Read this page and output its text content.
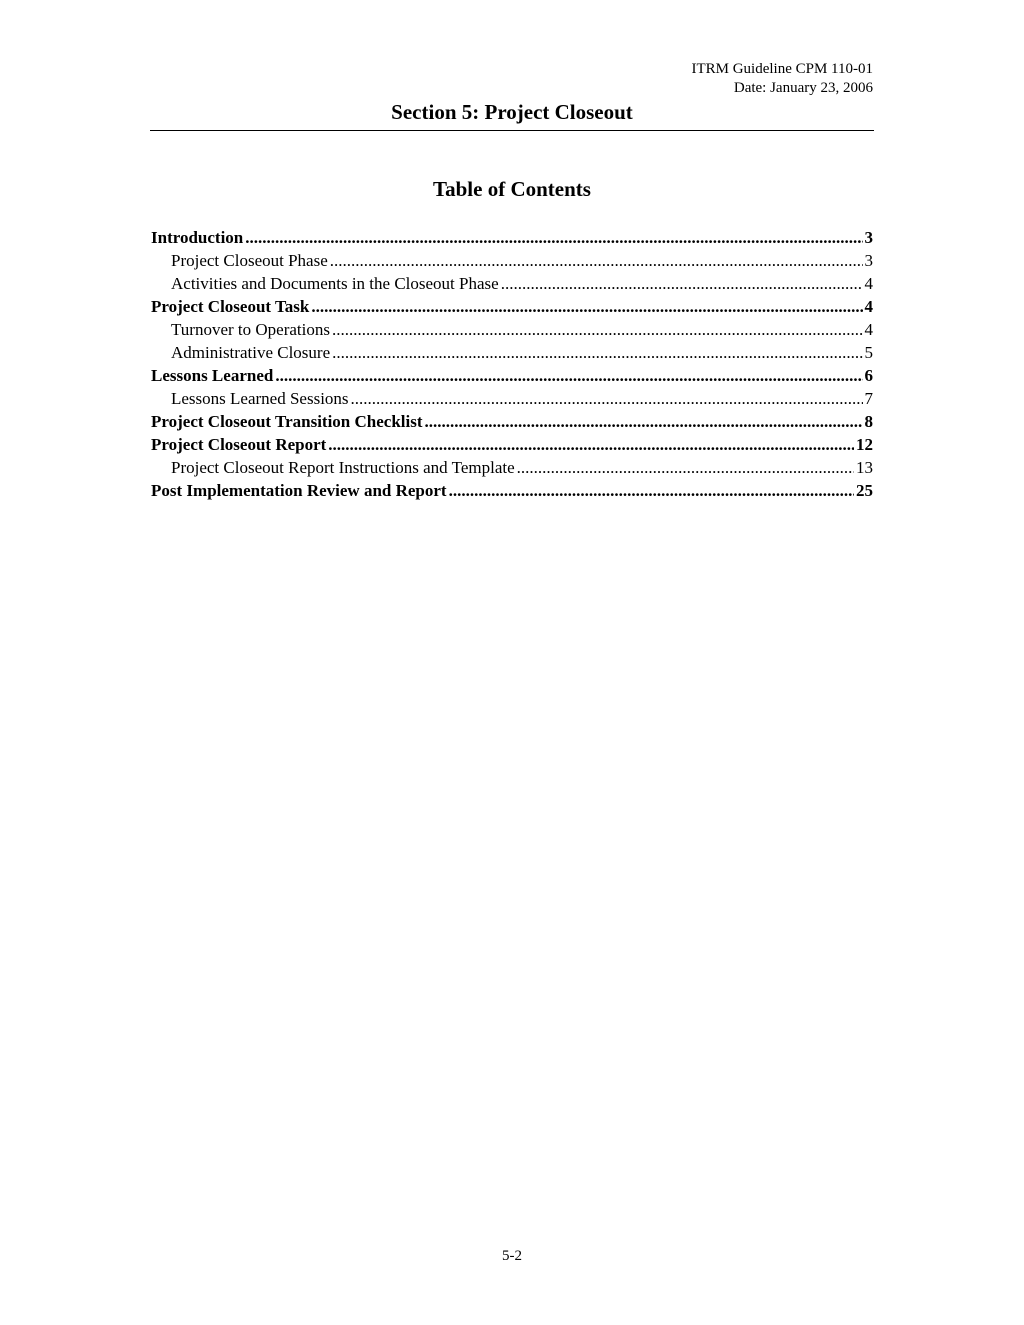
ITRM Guideline CPM 110-01
Date: January 23, 2006
Section 5: Project Closeout
Table of Contents
Introduction .....	3
Project Closeout Phase .....	3
Activities and Documents in the Closeout Phase .....	4
Project Closeout Task .....	4
Turnover to Operations .....	4
Administrative Closure .....	5
Lessons Learned .....	6
Lessons Learned Sessions .....	7
Project Closeout Transition Checklist .....	8
Project Closeout Report .....	12
Project Closeout Report Instructions and Template .....	13
Post Implementation Review and Report .....	25
5-2
